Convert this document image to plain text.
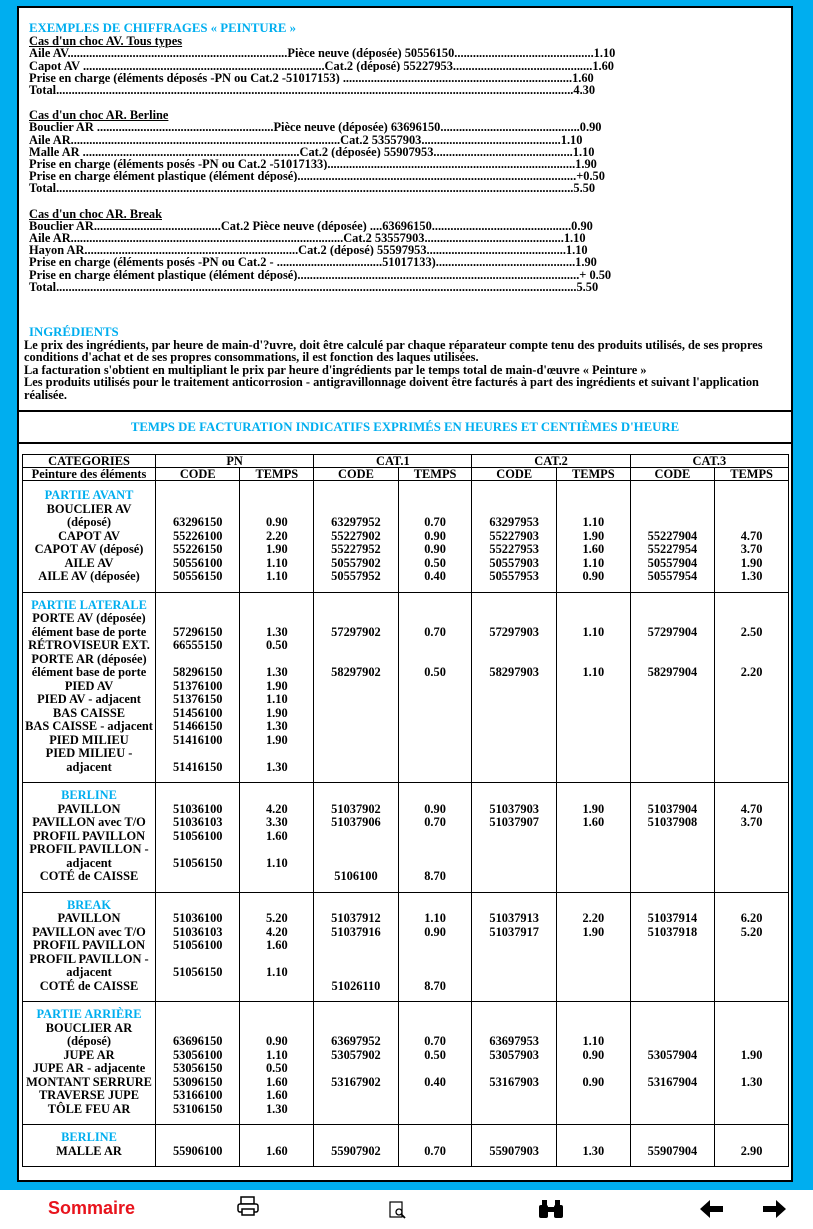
EXEMPLES DE CHIFFRAGES « PEINTURE »
Cas d'un choc AV. Tous types
Aile AV.......................................................................Pièce neuve (déposée) 50556150.............................................1.10
Capot AV ..............................................................................Cat.2 (déposé) 55227953.............................................1.60
Prise en charge (éléments déposés -PN ou Cat.2 -51017153) ..........................................................................1.60
Total.......................................................................................................................................................................4.30
Cas d'un choc AR. Berline
Bouclier AR .........................................................Pièce neuve (déposée) 63696150.............................................0.90
Aile AR.......................................................................................Cat.2 53557903.............................................1.10
Malle AR ......................................................................Cat.2 (déposée) 55907953.............................................1.10
Prise en charge (éléments posés -PN ou Cat.2 -51017133)................................................................................1.90
Prise en charge élément plastique (élément déposé)..........................................................................................+0.50
Total.......................................................................................................................................................................5.50
Cas d'un choc AR. Break
Bouclier AR.........................................Cat.2 Pièce neuve (déposée) ....63696150.............................................0.90
Aile AR........................................................................................Cat.2 53557903.............................................1.10
Hayon AR.....................................................................Cat.2 (déposé) 55597953.............................................1.10
Prise en charge (éléments posés -PN ou Cat.2 - ..................................51017133).............................................1.90
Prise en charge élément plastique (élément déposé)...........................................................................................+ 0.50
Total........................................................................................................................................................................5.50
INGRÉDIENTS

Le prix des ingrédients, par heure de main-d'?uvre, doit être calculé par chaque réparateur compte tenu des produits utilisés, de ses propres conditions d'achat et de ses propres consommations, il est fonction des laques utilisées.

La facturation s'obtient en multipliant le prix par heure d'ingrédients par le temps total de main-d'œuvre « Peinture »

Les produits utilisés pour le traitement anticorrosion - antigravillonnage doivent être facturés à part des ingrédients et suivant l'application réalisée.

TEMPS DE FACTURATION INDICATIFS EXPRIMÉS EN HEURES ET CENTIÈMES D'HEURE
CATEGORIES	PN		CAT.1		CAT.2		CAT.3	
Peinture des éléments	CODE	TEMPS	CODE	TEMPS	CODE	TEMPS	CODE	TEMPS
PARTIE AVANT								
BOUCLIER AV								
(déposé)	63296150	0.90	63297952	0.70	63297953	1.10		
CAPOT AV	55226100	2.20	55227902	0.90	55227903	1.90	55227904	4.70
CAPOT AV (déposé)	55226150	1.90	55227952	0.90	55227953	1.60	55227954	3.70
AILE AV	50556100	1.10	50557902	0.50	50557903	1.10	50557904	1.90
AILE AV (déposée)	50556150	1.10	50557952	0.40	50557953	0.90	50557954	1.30
PARTIE LATERALE								
PORTE AV (déposée)								
élément base de porte	57296150	1.30	57297902	0.70	57297903	1.10	57297904	2.50
RÉTROVISEUR EXT.	66555150	0.50						
PORTE AR (déposée)								
élément base de porte	58296150	1.30	58297902	0.50	58297903	1.10	58297904	2.20
PIED AV	51376100	1.90						
PIED AV - adjacent	51376150	1.10						
BAS CAISSE	51456100	1.90						
BAS CAISSE - adjacent	51466150	1.30						
PIED MILIEU	51416100	1.90						
PIED MILIEU -								
adjacent	51416150	1.30						
BERLINE								
PAVILLON	51036100	4.20	51037902	0.90	51037903	1.90	51037904	4.70
PAVILLON avec T/O	51036103	3.30	51037906	0.70	51037907	1.60	51037908	3.70
PROFIL PAVILLON	51056100	1.60						
PROFIL PAVILLON -								
adjacent	51056150	1.10						
COTÉ de CAISSE			5106100	8.70				
BREAK								
PAVILLON	51036100	5.20	51037912	1.10	51037913	2.20	51037914	6.20
PAVILLON avec T/O	51036103	4.20	51037916	0.90	51037917	1.90	51037918	5.20
PROFIL PAVILLON	51056100	1.60						
PROFIL PAVILLON -								
adjacent	51056150	1.10						
COTÉ de CAISSE			51026110	8.70				
PARTIE ARRIÈRE								
BOUCLIER AR								
(déposé)	63696150	0.90	63697952	0.70	63697953	1.10		
JUPE AR	53056100	1.10	53057902	0.50	53057903	0.90	53057904	1.90
JUPE AR - adjacente	53056150	0.50						
MONTANT SERRURE	53096150	1.60	53167902	0.40	53167903	0.90	53167904	1.30
TRAVERSE JUPE	53166100	1.60						
TÔLE FEU AR	53106150	1.30						
BERLINE								
MALLE AR	55906100	1.60	55907902	0.70	55907903	1.30	55907904	2.90
Sommaire
